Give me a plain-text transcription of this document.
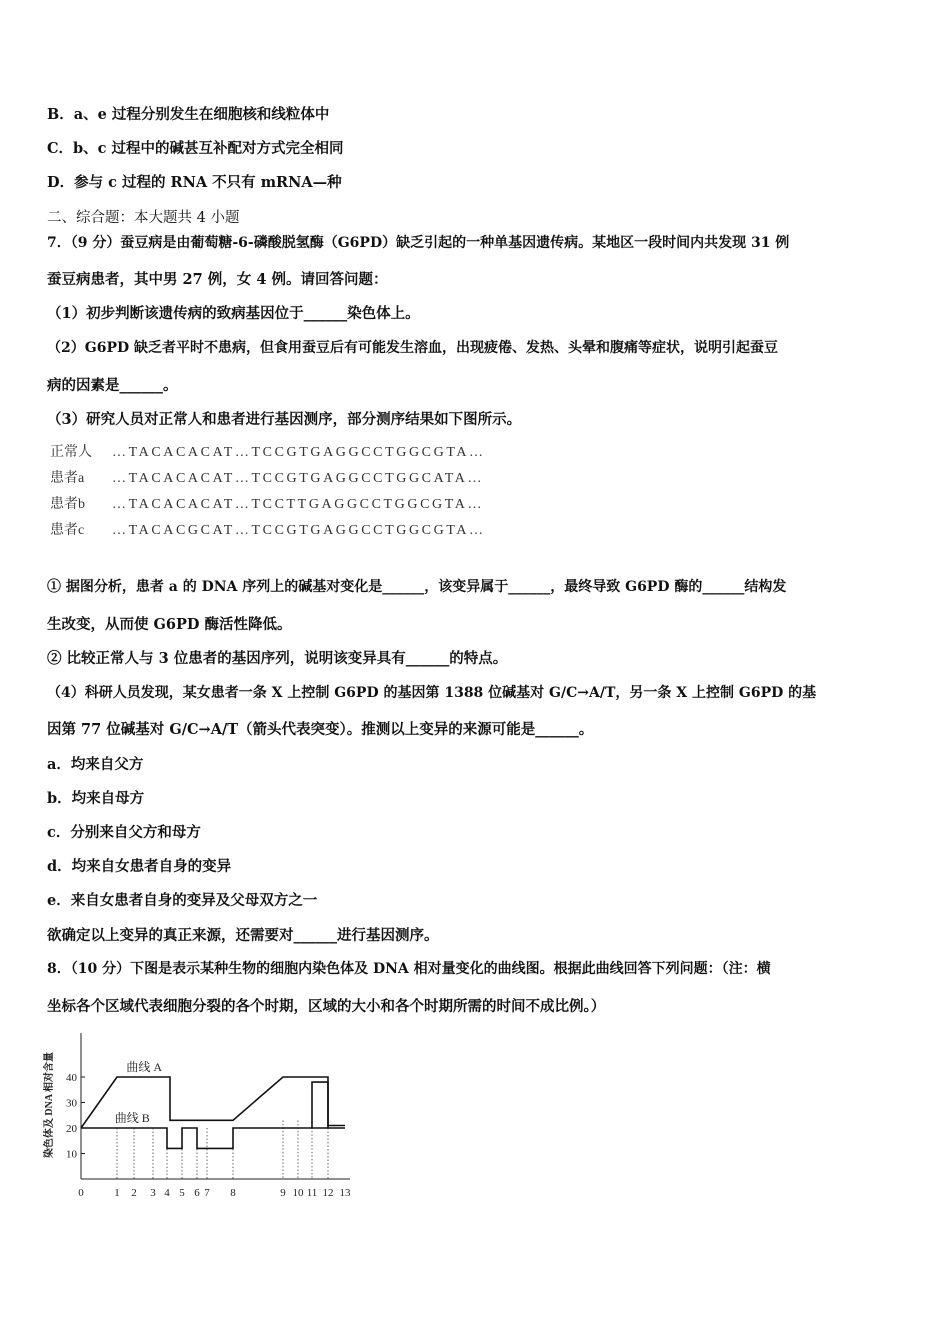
B．a、e 过程分别发生在细胞核和线粒体中
C．b、c 过程中的碱甚互补配对方式完全相同
D．参与 c 过程的 RNA 不只有 mRNA—种
二、综合题：本大题共 4 小题
7．（9 分）蚕豆病是由葡萄糖-6-磷酸脱氢酶（G6PD）缺乏引起的一种单基因遗传病。某地区一段时间内共发现 31 例
蚕豆病患者，其中男 27 例，女 4 例。请回答问题：
（1）初步判断该遗传病的致病基因位于______染色体上。
（2）G6PD 缺乏者平时不患病，但食用蚕豆后有可能发生溶血，出现疲倦、发热、头晕和腹痛等症状，说明引起蚕豆
病的因素是______。
（3）研究人员对正常人和患者进行基因测序，部分测序结果如下图所示。
正常人 …TACACACAT…TCCGTGAGGCCTGGCGTA…
患者a …TACACACAT…TCCGTGAGGCCTGGCATA…
患者b …TACACACAT…TCCTTGAGGCCTGGCGTA…
患者c …TACACGCAT…TCCGTGAGGCCTGGCGTA…
① 据图分析，患者 a 的 DNA 序列上的碱基对变化是______，该变异属于______，最终导致 G6PD 酶的______结构发
生改变，从而使 G6PD 酶活性降低。
② 比较正常人与 3 位患者的基因序列，说明该变异具有______的特点。
（4）科研人员发现，某女患者一条 X 上控制 G6PD 的基因第 1388 位碱基对 G/C→A/T，另一条 X 上控制 G6PD 的基
因第 77 位碱基对 G/C→A/T（箭头代表突变）。推测以上变异的来源可能是______。
a．均来自父方
b．均来自母方
c．分别来自父方和母方
d．均来自女患者自身的变异
e．来自女患者自身的变异及父母双方之一
欲确定以上变异的真正来源，还需要对______进行基因测序。
8．（10 分）下图是表示某种生物的细胞内染色体及 DNA 相对量变化的曲线图。根据此曲线回答下列问题：（注：横
坐标各个区域代表细胞分裂的各个时期，区域的大小和各个时期所需的时间不成比例。）
10
20
30
40
染色体及 DNA 相对含量
0	1 2 3 4 5 6 7 8	9 10 11 12 13
曲线 A
曲线 B
